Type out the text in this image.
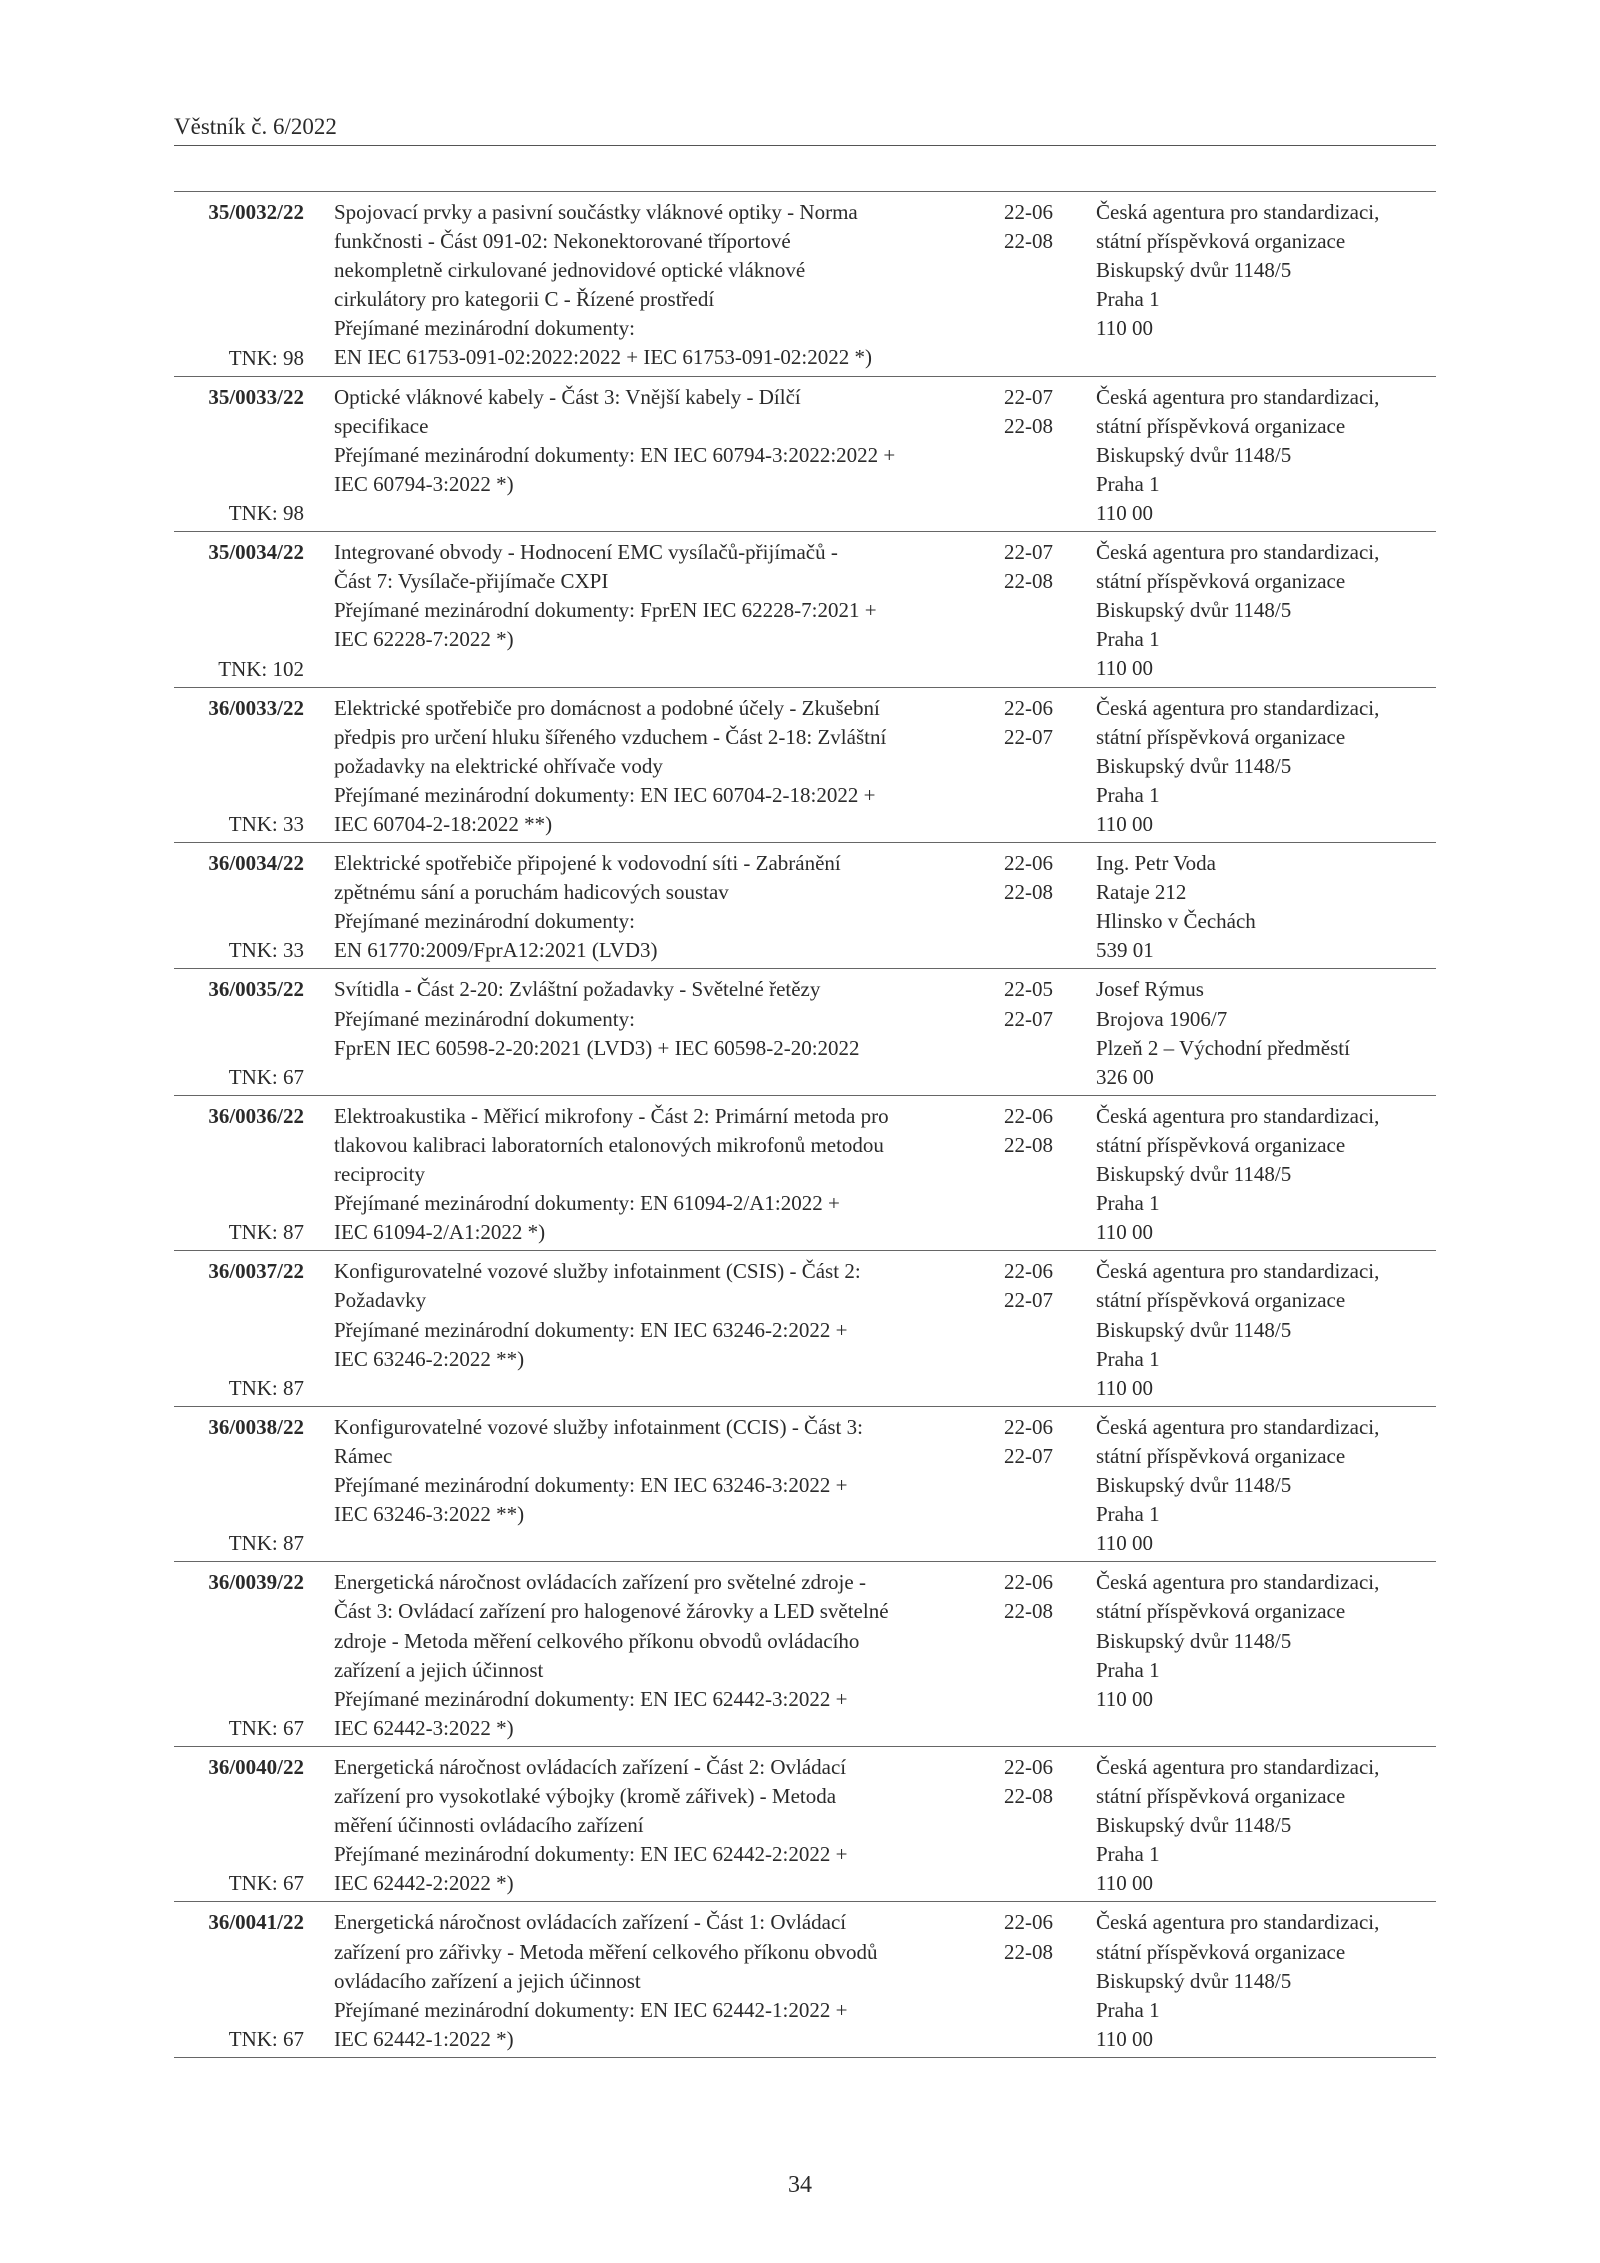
Věstník č. 6/2022
35/0032/22
TNK: 98
Spojovací prvky a pasivní součástky vláknové optiky - Norma
funkčnosti - Část 091-02: Nekonektorované tříportové
nekompletně cirkulované jednovidové optické vláknové
cirkulátory pro kategorii C - Řízené prostředí
Přejímané mezinárodní dokumenty:
EN IEC 61753-091-02:2022:2022 + IEC 61753-091-02:2022 *)
22-06
22-08
Česká agentura pro standardizaci,
státní příspěvková organizace
Biskupský dvůr 1148/5
Praha 1
110 00
35/0033/22
TNK: 98
Optické vláknové kabely - Část 3: Vnější kabely - Dílčí
specifikace
Přejímané mezinárodní dokumenty: EN IEC 60794-3:2022:2022 +
IEC 60794-3:2022 *)
22-07
22-08
Česká agentura pro standardizaci,
státní příspěvková organizace
Biskupský dvůr 1148/5
Praha 1
110 00
35/0034/22
TNK: 102
Integrované obvody - Hodnocení EMC vysílačů-přijímačů -
Část 7: Vysílače-přijímače CXPI
Přejímané mezinárodní dokumenty: FprEN IEC 62228-7:2021 +
IEC 62228-7:2022 *)
22-07
22-08
Česká agentura pro standardizaci,
státní příspěvková organizace
Biskupský dvůr 1148/5
Praha 1
110 00
36/0033/22
TNK: 33
Elektrické spotřebiče pro domácnost a podobné účely - Zkušební
předpis pro určení hluku šířeného vzduchem - Část 2-18: Zvláštní
požadavky na elektrické ohřívače vody
Přejímané mezinárodní dokumenty: EN IEC 60704-2-18:2022 +
IEC 60704-2-18:2022 **)
22-06
22-07
Česká agentura pro standardizaci,
státní příspěvková organizace
Biskupský dvůr 1148/5
Praha 1
110 00
36/0034/22
TNK: 33
Elektrické spotřebiče připojené k vodovodní síti - Zabránění
zpětnému sání a poruchám hadicových soustav
Přejímané mezinárodní dokumenty:
EN 61770:2009/FprA12:2021 (LVD3)
22-06
22-08
Ing. Petr Voda
Rataje 212
Hlinsko v Čechách
539 01
36/0035/22
TNK: 67
Svítidla - Část 2-20: Zvláštní požadavky - Světelné řetězy
Přejímané mezinárodní dokumenty:
FprEN IEC 60598-2-20:2021 (LVD3) + IEC 60598-2-20:2022
22-05
22-07
Josef Rýmus
Brojova 1906/7
Plzeň 2 – Východní předměstí
326 00
36/0036/22
TNK: 87
Elektroakustika - Měřicí mikrofony - Část 2: Primární metoda pro
tlakovou kalibraci laboratorních etalonových mikrofonů metodou
reciprocity
Přejímané mezinárodní dokumenty: EN 61094-2/A1:2022 +
IEC 61094-2/A1:2022 *)
22-06
22-08
Česká agentura pro standardizaci,
státní příspěvková organizace
Biskupský dvůr 1148/5
Praha 1
110 00
36/0037/22
TNK: 87
Konfigurovatelné vozové služby infotainment (CSIS) - Část 2:
Požadavky
Přejímané mezinárodní dokumenty: EN IEC 63246-2:2022 +
IEC 63246-2:2022 **)
22-06
22-07
Česká agentura pro standardizaci,
státní příspěvková organizace
Biskupský dvůr 1148/5
Praha 1
110 00
36/0038/22
TNK: 87
Konfigurovatelné vozové služby infotainment (CCIS) - Část 3:
Rámec
Přejímané mezinárodní dokumenty: EN IEC 63246-3:2022 +
IEC 63246-3:2022 **)
22-06
22-07
Česká agentura pro standardizaci,
státní příspěvková organizace
Biskupský dvůr 1148/5
Praha 1
110 00
36/0039/22
TNK: 67
Energetická náročnost ovládacích zařízení pro světelné zdroje -
Část 3: Ovládací zařízení pro halogenové žárovky a LED světelné
zdroje - Metoda měření celkového příkonu obvodů ovládacího
zařízení a jejich účinnost
Přejímané mezinárodní dokumenty: EN IEC 62442-3:2022 +
IEC 62442-3:2022 *)
22-06
22-08
Česká agentura pro standardizaci,
státní příspěvková organizace
Biskupský dvůr 1148/5
Praha 1
110 00
36/0040/22
TNK: 67
Energetická náročnost ovládacích zařízení - Část 2: Ovládací
zařízení pro vysokotlaké výbojky (kromě zářivek) - Metoda
měření účinnosti ovládacího zařízení
Přejímané mezinárodní dokumenty: EN IEC 62442-2:2022 +
IEC 62442-2:2022 *)
22-06
22-08
Česká agentura pro standardizaci,
státní příspěvková organizace
Biskupský dvůr 1148/5
Praha 1
110 00
36/0041/22
TNK: 67
Energetická náročnost ovládacích zařízení - Část 1: Ovládací
zařízení pro zářivky - Metoda měření celkového příkonu obvodů
ovládacího zařízení a jejich účinnost
Přejímané mezinárodní dokumenty: EN IEC 62442-1:2022 +
IEC 62442-1:2022 *)
22-06
22-08
Česká agentura pro standardizaci,
státní příspěvková organizace
Biskupský dvůr 1148/5
Praha 1
110 00
34
